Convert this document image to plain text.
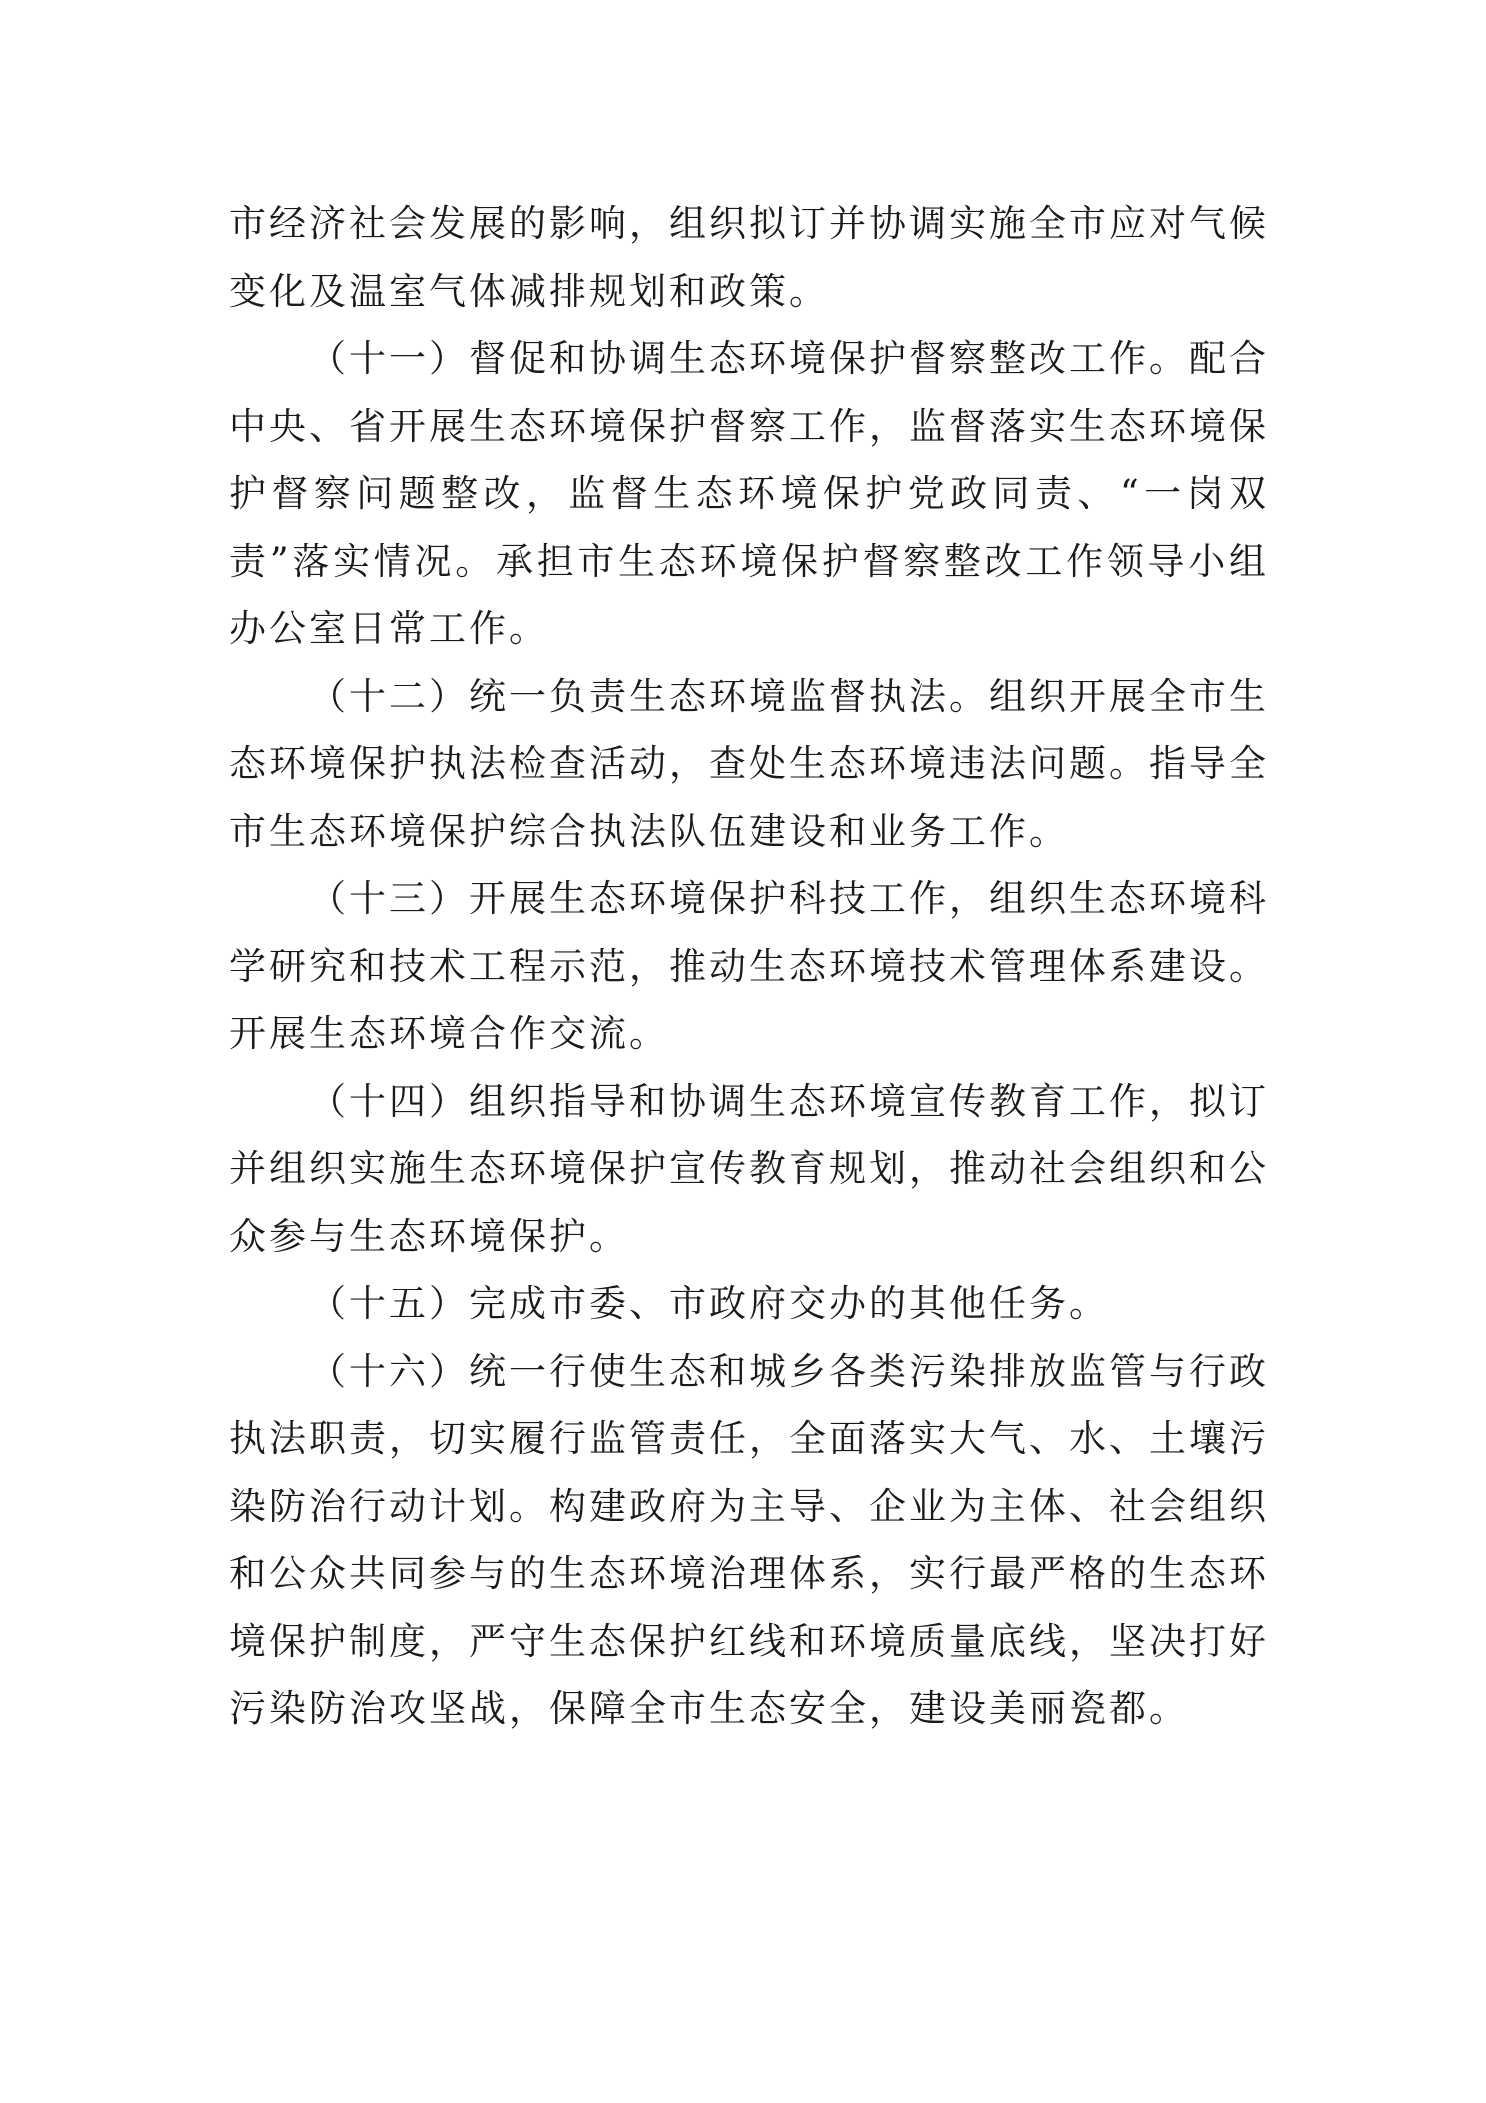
市经济社会发展的影响，组织拟订并协调实施全市应对气候变化及温室气体减排规划和政策。

（十一）督促和协调生态环境保护督察整改工作。配合中央、省开展生态环境保护督察工作，监督落实生态环境保护督察问题整改，监督生态环境保护党政同责、“一岗双责”落实情况。承担市生态环境保护督察整改工作领导小组办公室日常工作。

（十二）统一负责生态环境监督执法。组织开展全市生态环境保护执法检查活动，查处生态环境违法问题。指导全市生态环境保护综合执法队伍建设和业务工作。

（十三）开展生态环境保护科技工作，组织生态环境科学研究和技术工程示范，推动生态环境技术管理体系建设。开展生态环境合作交流。

（十四）组织指导和协调生态环境宣传教育工作，拟订并组织实施生态环境保护宣传教育规划，推动社会组织和公众参与生态环境保护。

（十五）完成市委、市政府交办的其他任务。

（十六）统一行使生态和城乡各类污染排放监管与行政执法职责，切实履行监管责任，全面落实大气、水、土壤污染防治行动计划。构建政府为主导、企业为主体、社会组织和公众共同参与的生态环境治理体系，实行最严格的生态环境保护制度，严守生态保护红线和环境质量底线，坚决打好污染防治攻坚战，保障全市生态安全，建设美丽瓷都。
